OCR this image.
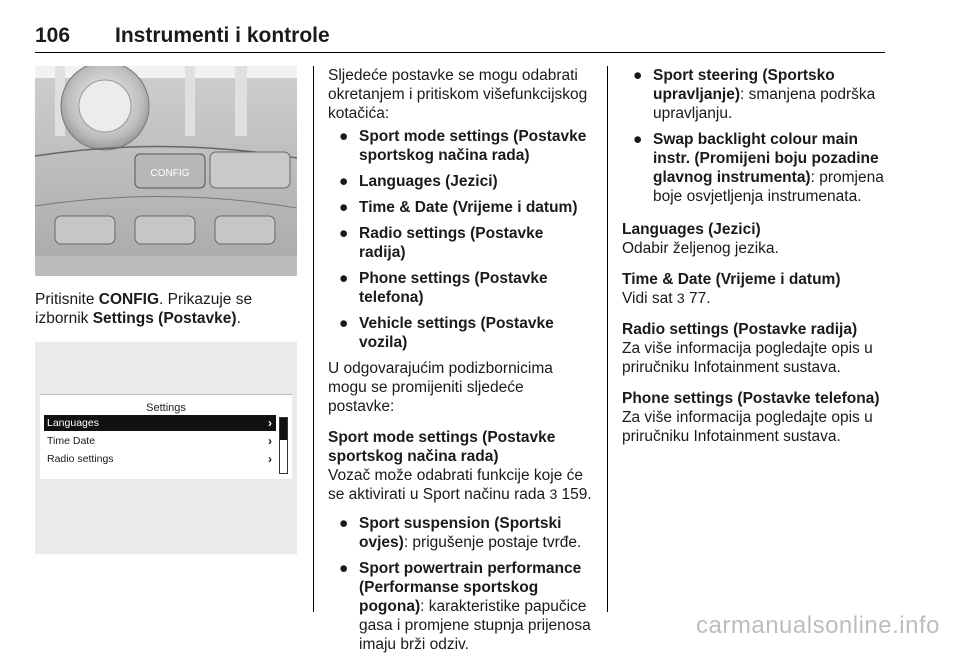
106 Instrumenti i kontrole
CONFIG

Pritisnite CONFIG. Prikazuje se izbornik Settings (Postavke).

Settings
Languages	›
Time Date	›
Radio settings	›

Sljedeće postavke se mogu odabrati okretanjem i pritiskom višefunkcijskog kotačića:

● Sport mode settings (Postavke sportskog načina rada)
● Languages (Jezici)
● Time & Date (Vrijeme i datum)
● Radio settings (Postavke radija)
● Phone settings (Postavke telefona)
● Vehicle settings (Postavke vozila)

U odgovarajućim podizbornicima mogu se promijeniti sljedeće postavke:

Sport mode settings (Postavke sportskog načina rada)

Vozač može odabrati funkcije koje će se aktivirati u Sport načinu rada 3 159.

● Sport suspension (Sportski ovjes): prigušenje postaje tvrđe.
● Sport powertrain performance (Performanse sportskog pogona): karakteristike papučice gasa i promjene stupnja prijenosa imaju brži odziv.
● Sport steering (Sportsko upravljanje): smanjena podrška upravljanju.
● Swap backlight colour main instr. (Promijeni boju pozadine glavnog instrumenta): promjena boje osvjetljenja instrumenata.

Languages (Jezici)

Odabir željenog jezika.

Time & Date (Vrijeme i datum)

Vidi sat 3 77.

Radio settings (Postavke radija)

Za više informacija pogledajte opis u priručniku Infotainment sustava.

Phone settings (Postavke telefona)

Za više informacija pogledajte opis u priručniku Infotainment sustava.

carmanualsonline.info
